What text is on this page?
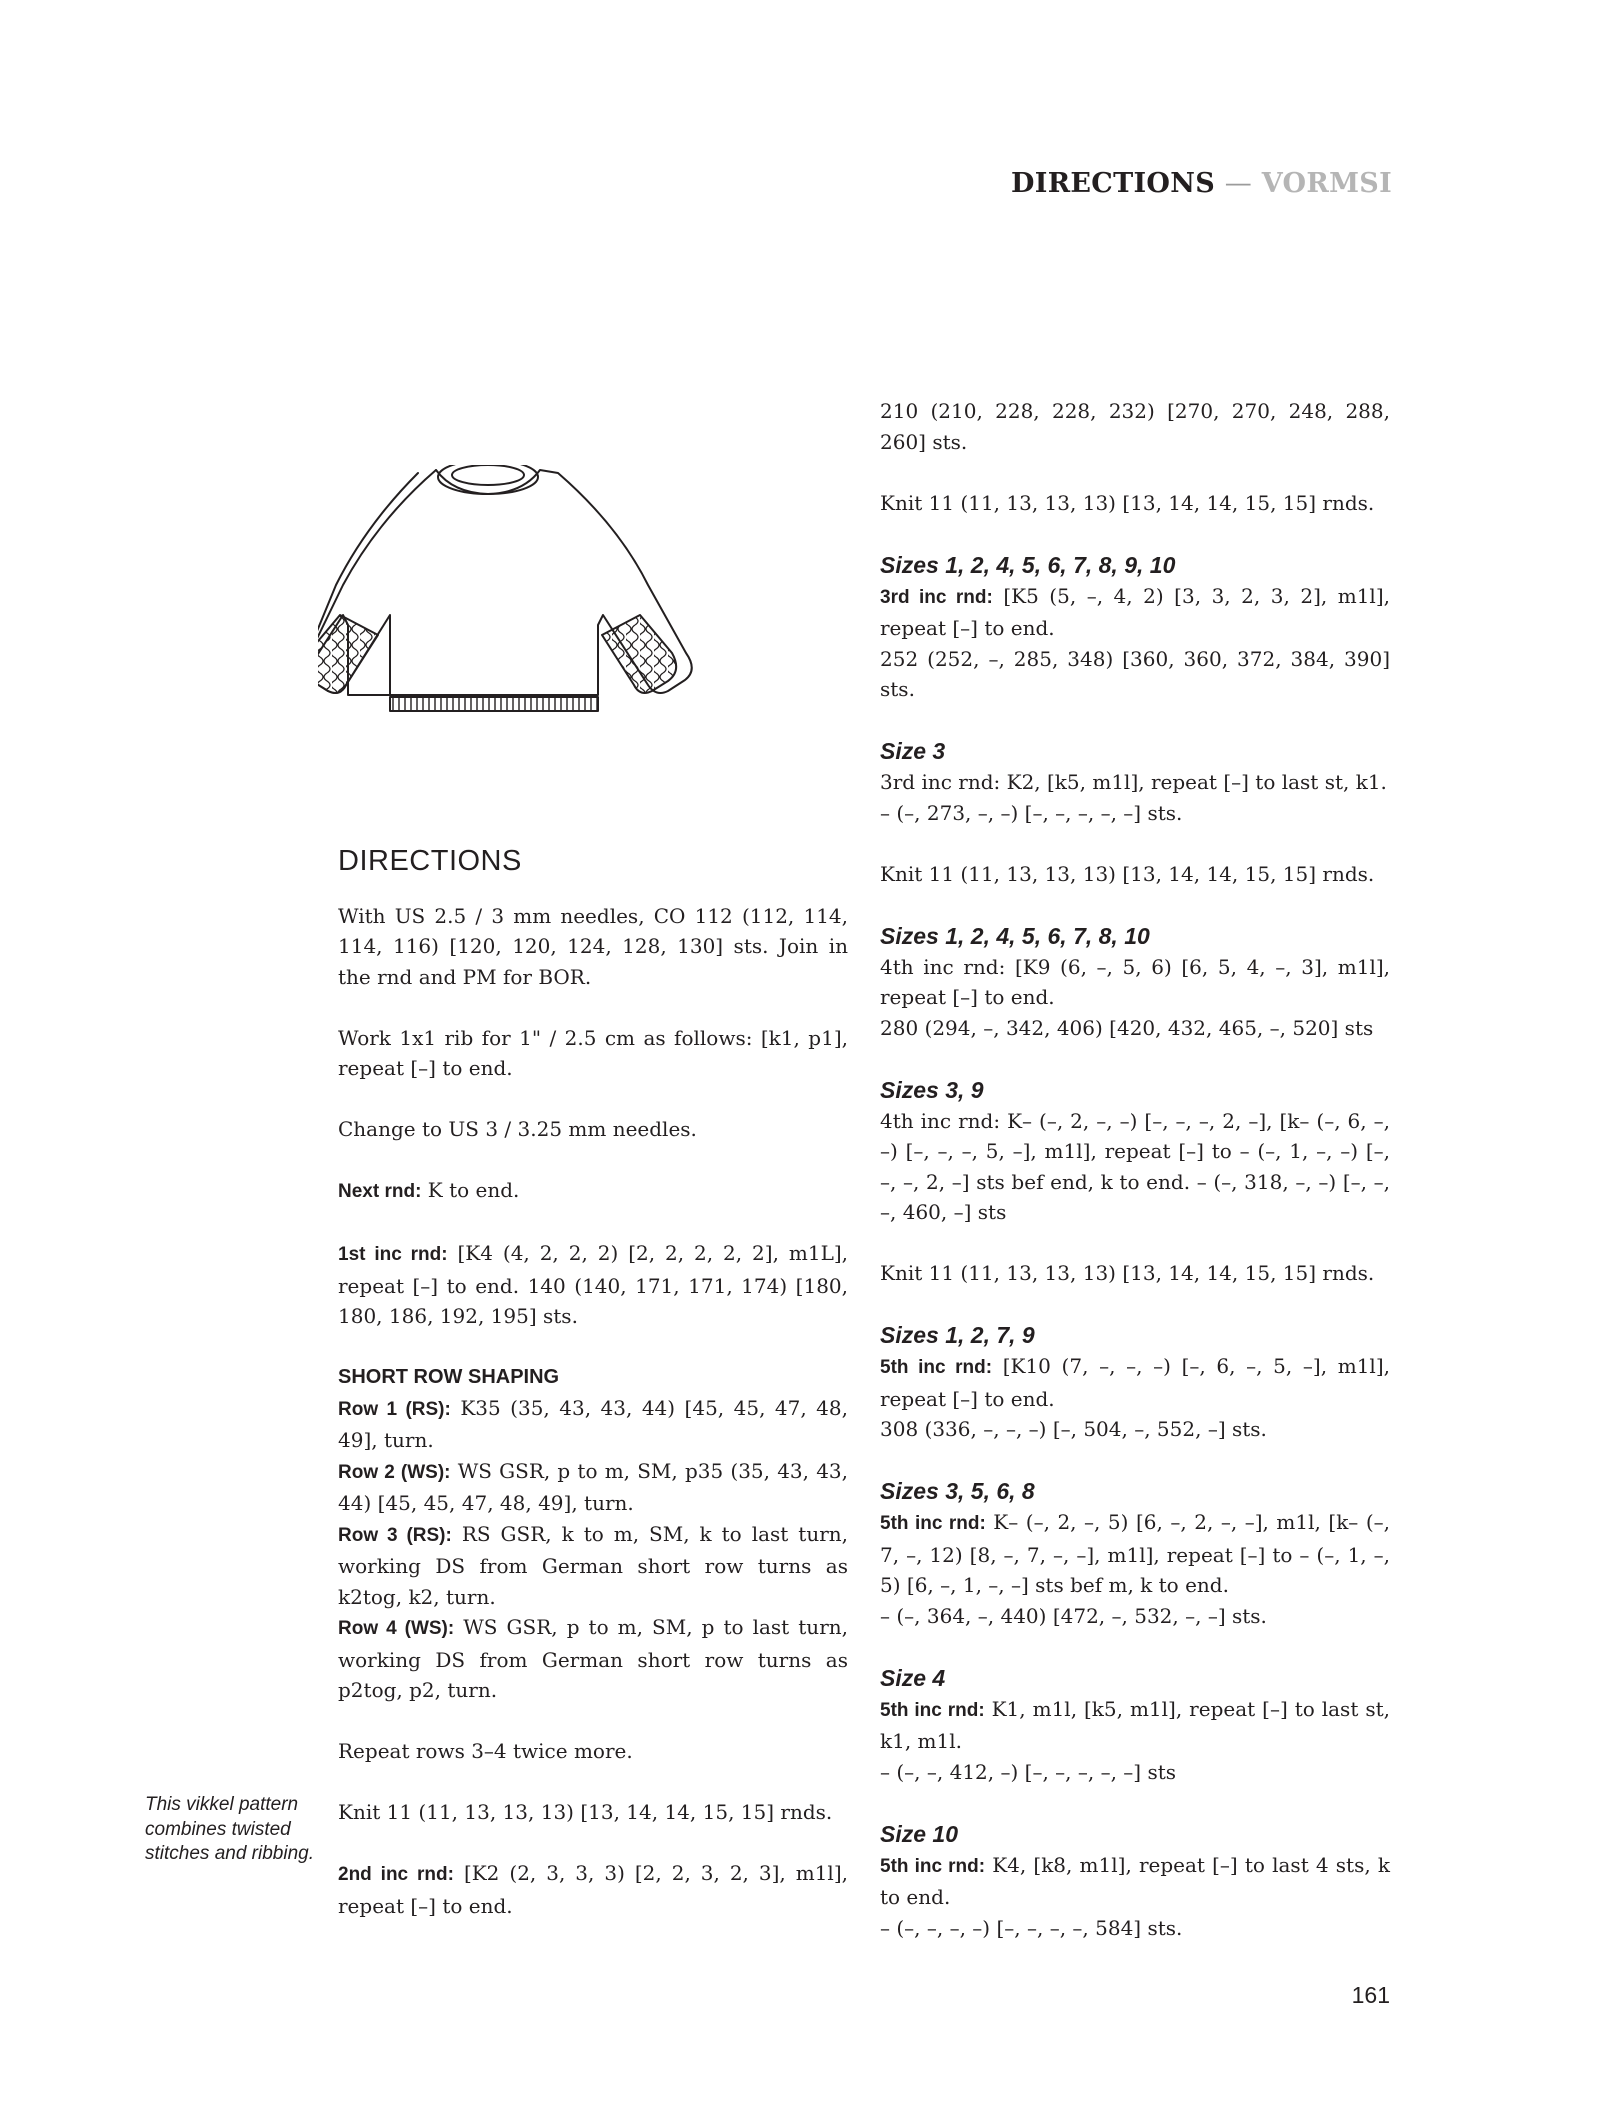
DIRECTIONS — VORMSI
DIRECTIONS

With US 2.5 / 3 mm needles, CO 112 (112, 114, 114, 116) [120, 120, 124, 128, 130] sts. Join in the rnd and PM for BOR.

Work 1x1 rib for 1" / 2.5 cm as follows: [k1, p1], repeat [–] to end.

Change to US 3 / 3.25 mm needles.

Next rnd: K to end.

1st inc rnd: [K4 (4, 2, 2, 2) [2, 2, 2, 2, 2], m1L], repeat [–] to end. 140 (140, 171, 171, 174) [180, 180, 186, 192, 195] sts.

SHORT ROW SHAPING

Row 1 (RS): K35 (35, 43, 43, 44) [45, 45, 47, 48, 49], turn.

Row 2 (WS): WS GSR, p to m, SM, p35 (35, 43, 43, 44) [45, 45, 47, 48, 49], turn.

Row 3 (RS): RS GSR, k to m, SM, k to last turn, working DS from German short row turns as k2tog, k2, turn.

Row 4 (WS): WS GSR, p to m, SM, p to last turn, working DS from German short row turns as p2tog, p2, turn.

Repeat rows 3–4 twice more.

Knit 11 (11, 13, 13, 13) [13, 14, 14, 15, 15] rnds.

2nd inc rnd: [K2 (2, 3, 3, 3) [2, 2, 3, 2, 3], m1l], repeat [–] to end.

210 (210, 228, 228, 232) [270, 270, 248, 288, 260] sts.

Knit 11 (11, 13, 13, 13) [13, 14, 14, 15, 15] rnds.

Sizes 1, 2, 4, 5, 6, 7, 8, 9, 10

3rd inc rnd: [K5 (5, –, 4, 2) [3, 3, 2, 3, 2], m1l], repeat [–] to end.

252 (252, –, 285, 348) [360, 360, 372, 384, 390] sts.

Size 3

3rd inc rnd: K2, [k5, m1l], repeat [–] to last st, k1.

– (–, 273, –, –) [–, –, –, –, –] sts.

Knit 11 (11, 13, 13, 13) [13, 14, 14, 15, 15] rnds.

Sizes 1, 2, 4, 5, 6, 7, 8, 10

4th inc rnd: [K9 (6, –, 5, 6) [6, 5, 4, –, 3], m1l], repeat [–] to end.

280 (294, –, 342, 406) [420, 432, 465, –, 520] sts

Sizes 3, 9

4th inc rnd: K– (–, 2, –, –) [–, –, –, 2, –], [k– (–, 6, –, –) [–, –, –, 5, –], m1l], repeat [–] to – (–, 1, –, –) [–, –, –, 2, –] sts bef end, k to end. – (–, 318, –, –) [–, –, –, 460, –] sts

Knit 11 (11, 13, 13, 13) [13, 14, 14, 15, 15] rnds.

Sizes 1, 2, 7, 9

5th inc rnd: [K10 (7, –, –, –) [–, 6, –, 5, –], m1l], repeat [–] to end.

308 (336, –, –, –) [–, 504, –, 552, –] sts.

Sizes 3, 5, 6, 8

5th inc rnd: K– (–, 2, –, 5) [6, –, 2, –, –], m1l, [k– (–, 7, –, 12) [8, –, 7, –, –], m1l], repeat [–] to – (–, 1, –, 5) [6, –, 1, –, –] sts bef m, k to end.

– (–, 364, –, 440) [472, –, 532, –, –] sts.

Size 4

5th inc rnd: K1, m1l, [k5, m1l], repeat [–] to last st, k1, m1l.

– (–, –, 412, –) [–, –, –, –, –] sts

Size 10

5th inc rnd: K4, [k8, m1l], repeat [–] to last 4 sts, k to end.

– (–, –, –, –) [–, –, –, –, 584] sts.

This vikkel pattern combines twisted stitches and ribbing.
161
